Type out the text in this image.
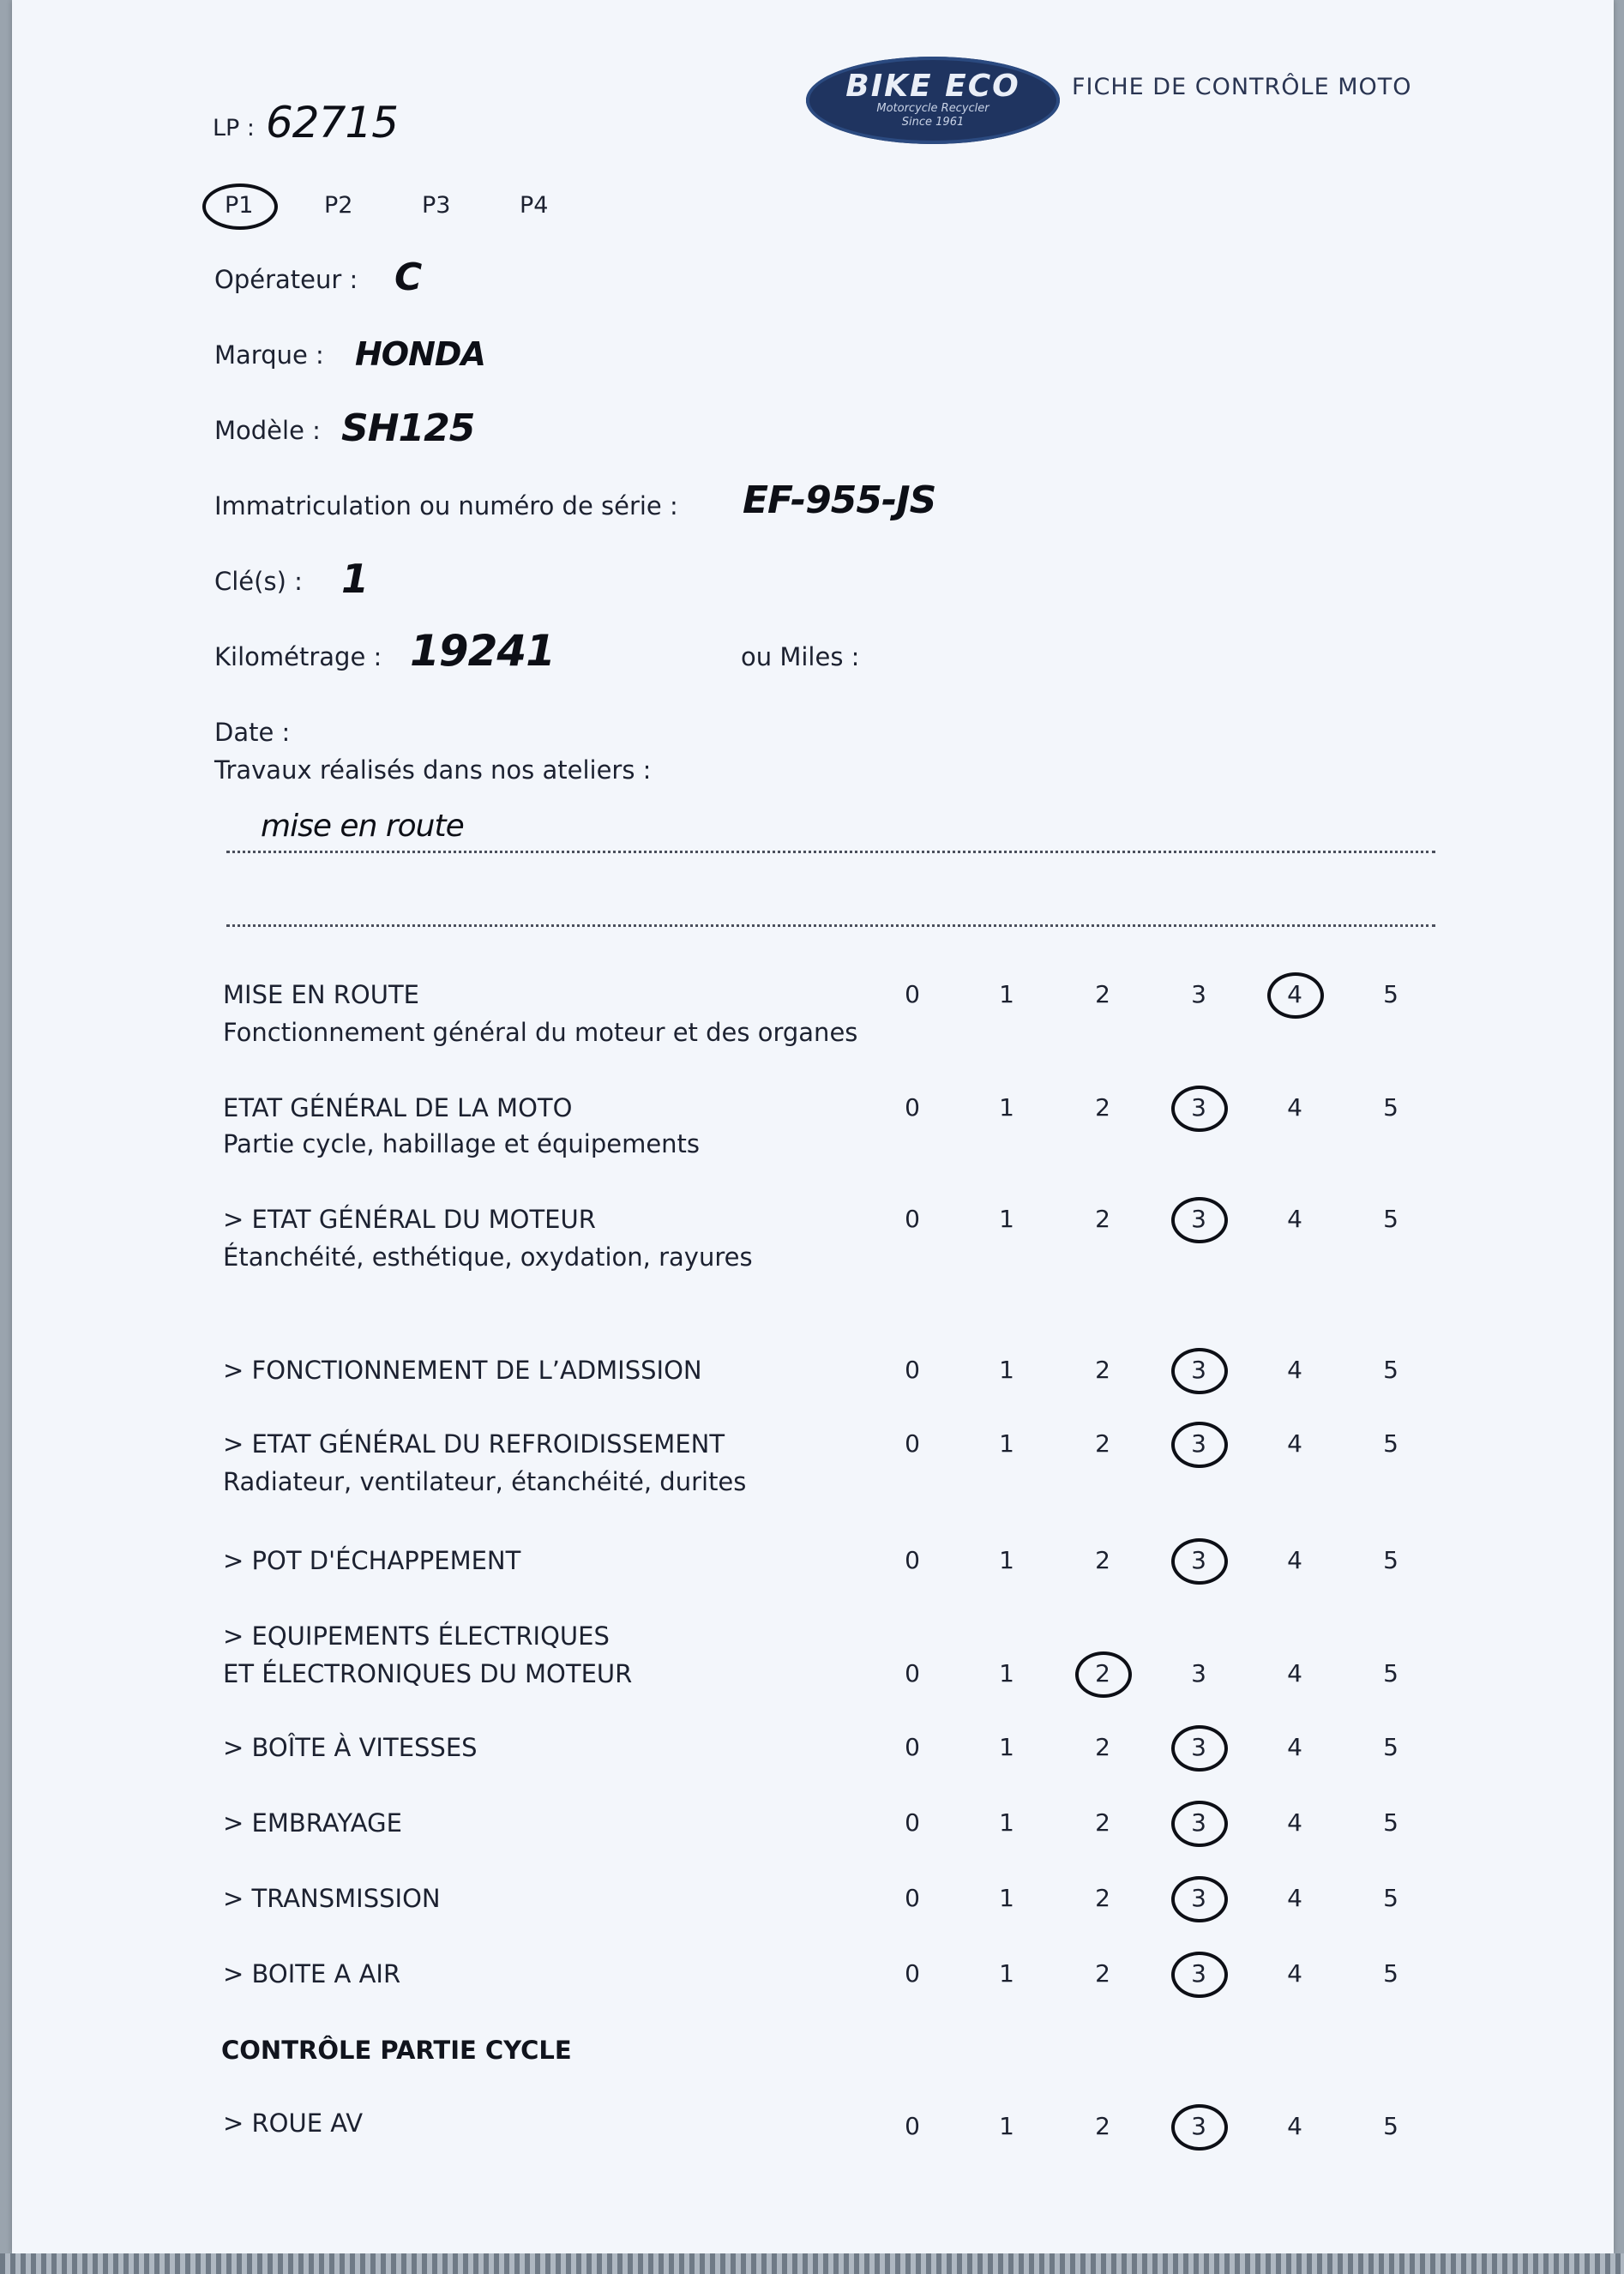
BIKE ECO
Motorcycle Recycler
Since 1961
FICHE DE CONTRÔLE MOTO
LP : 62715
P1	P2	P3	P4
Opérateur : C
Marque : HONDA
Modèle : SH125
Immatriculation ou numéro de série : EF-955-JS
Clé(s) : 1
Kilométrage : 19241	ou Miles :
Date :
Travaux réalisés dans nos ateliers :
mise en route
MISE EN ROUTE
Fonctionnement général du moteur et des organes
0	1	2	3	4	5
ETAT GÉNÉRAL DE LA MOTO
Partie cycle, habillage et équipements
0	1	2	3	4	5
> ETAT GÉNÉRAL DU MOTEUR
Étanchéité, esthétique, oxydation, rayures
0	1	2	3	4	5
> FONCTIONNEMENT DE L’ADMISSION	0	1	2	3	4	5
> ETAT GÉNÉRAL DU REFROIDISSEMENT
Radiateur, ventilateur, étanchéité, durites
0	1	2	3	4	5
> POT D'ÉCHAPPEMENT	0	1	2	3	4	5
> EQUIPEMENTS ÉLECTRIQUES
ET ÉLECTRONIQUES DU MOTEUR	0	1	2	3	4	5
> BOÎTE À VITESSES	0	1	2	3	4	5
> EMBRAYAGE	0	1	2	3	4	5
> TRANSMISSION	0	1	2	3	4	5
> BOITE A AIR	0	1	2	3	4	5
CONTRÔLE PARTIE CYCLE
> ROUE AV	0	1	2	3	4	5
